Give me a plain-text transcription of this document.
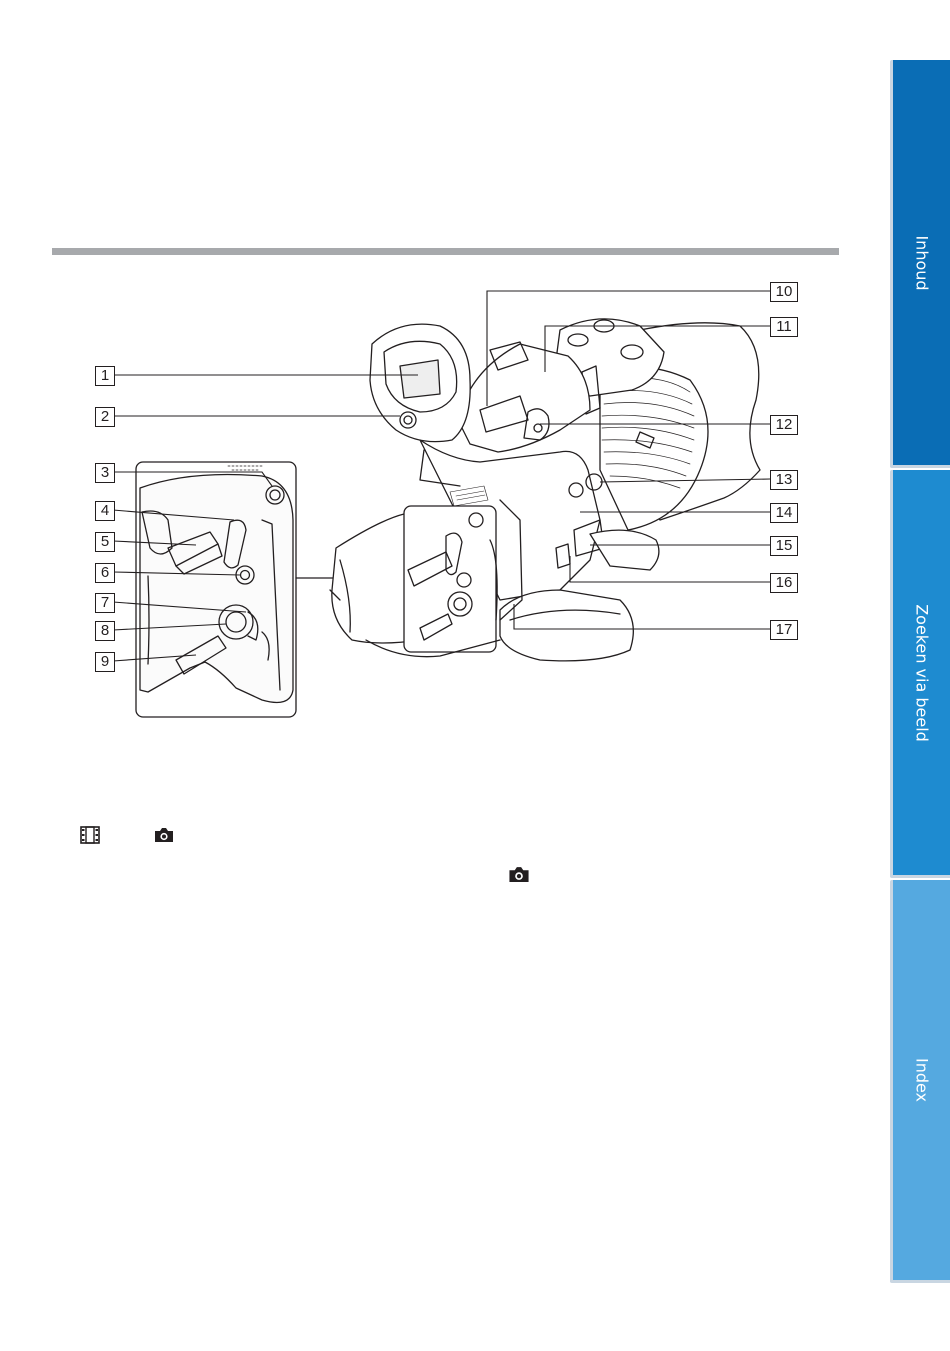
1
2
3
4
5
6
7
8
9
10
11
12
13
14
15
16
17
Inhoud
Zoeken via beeld
Index
